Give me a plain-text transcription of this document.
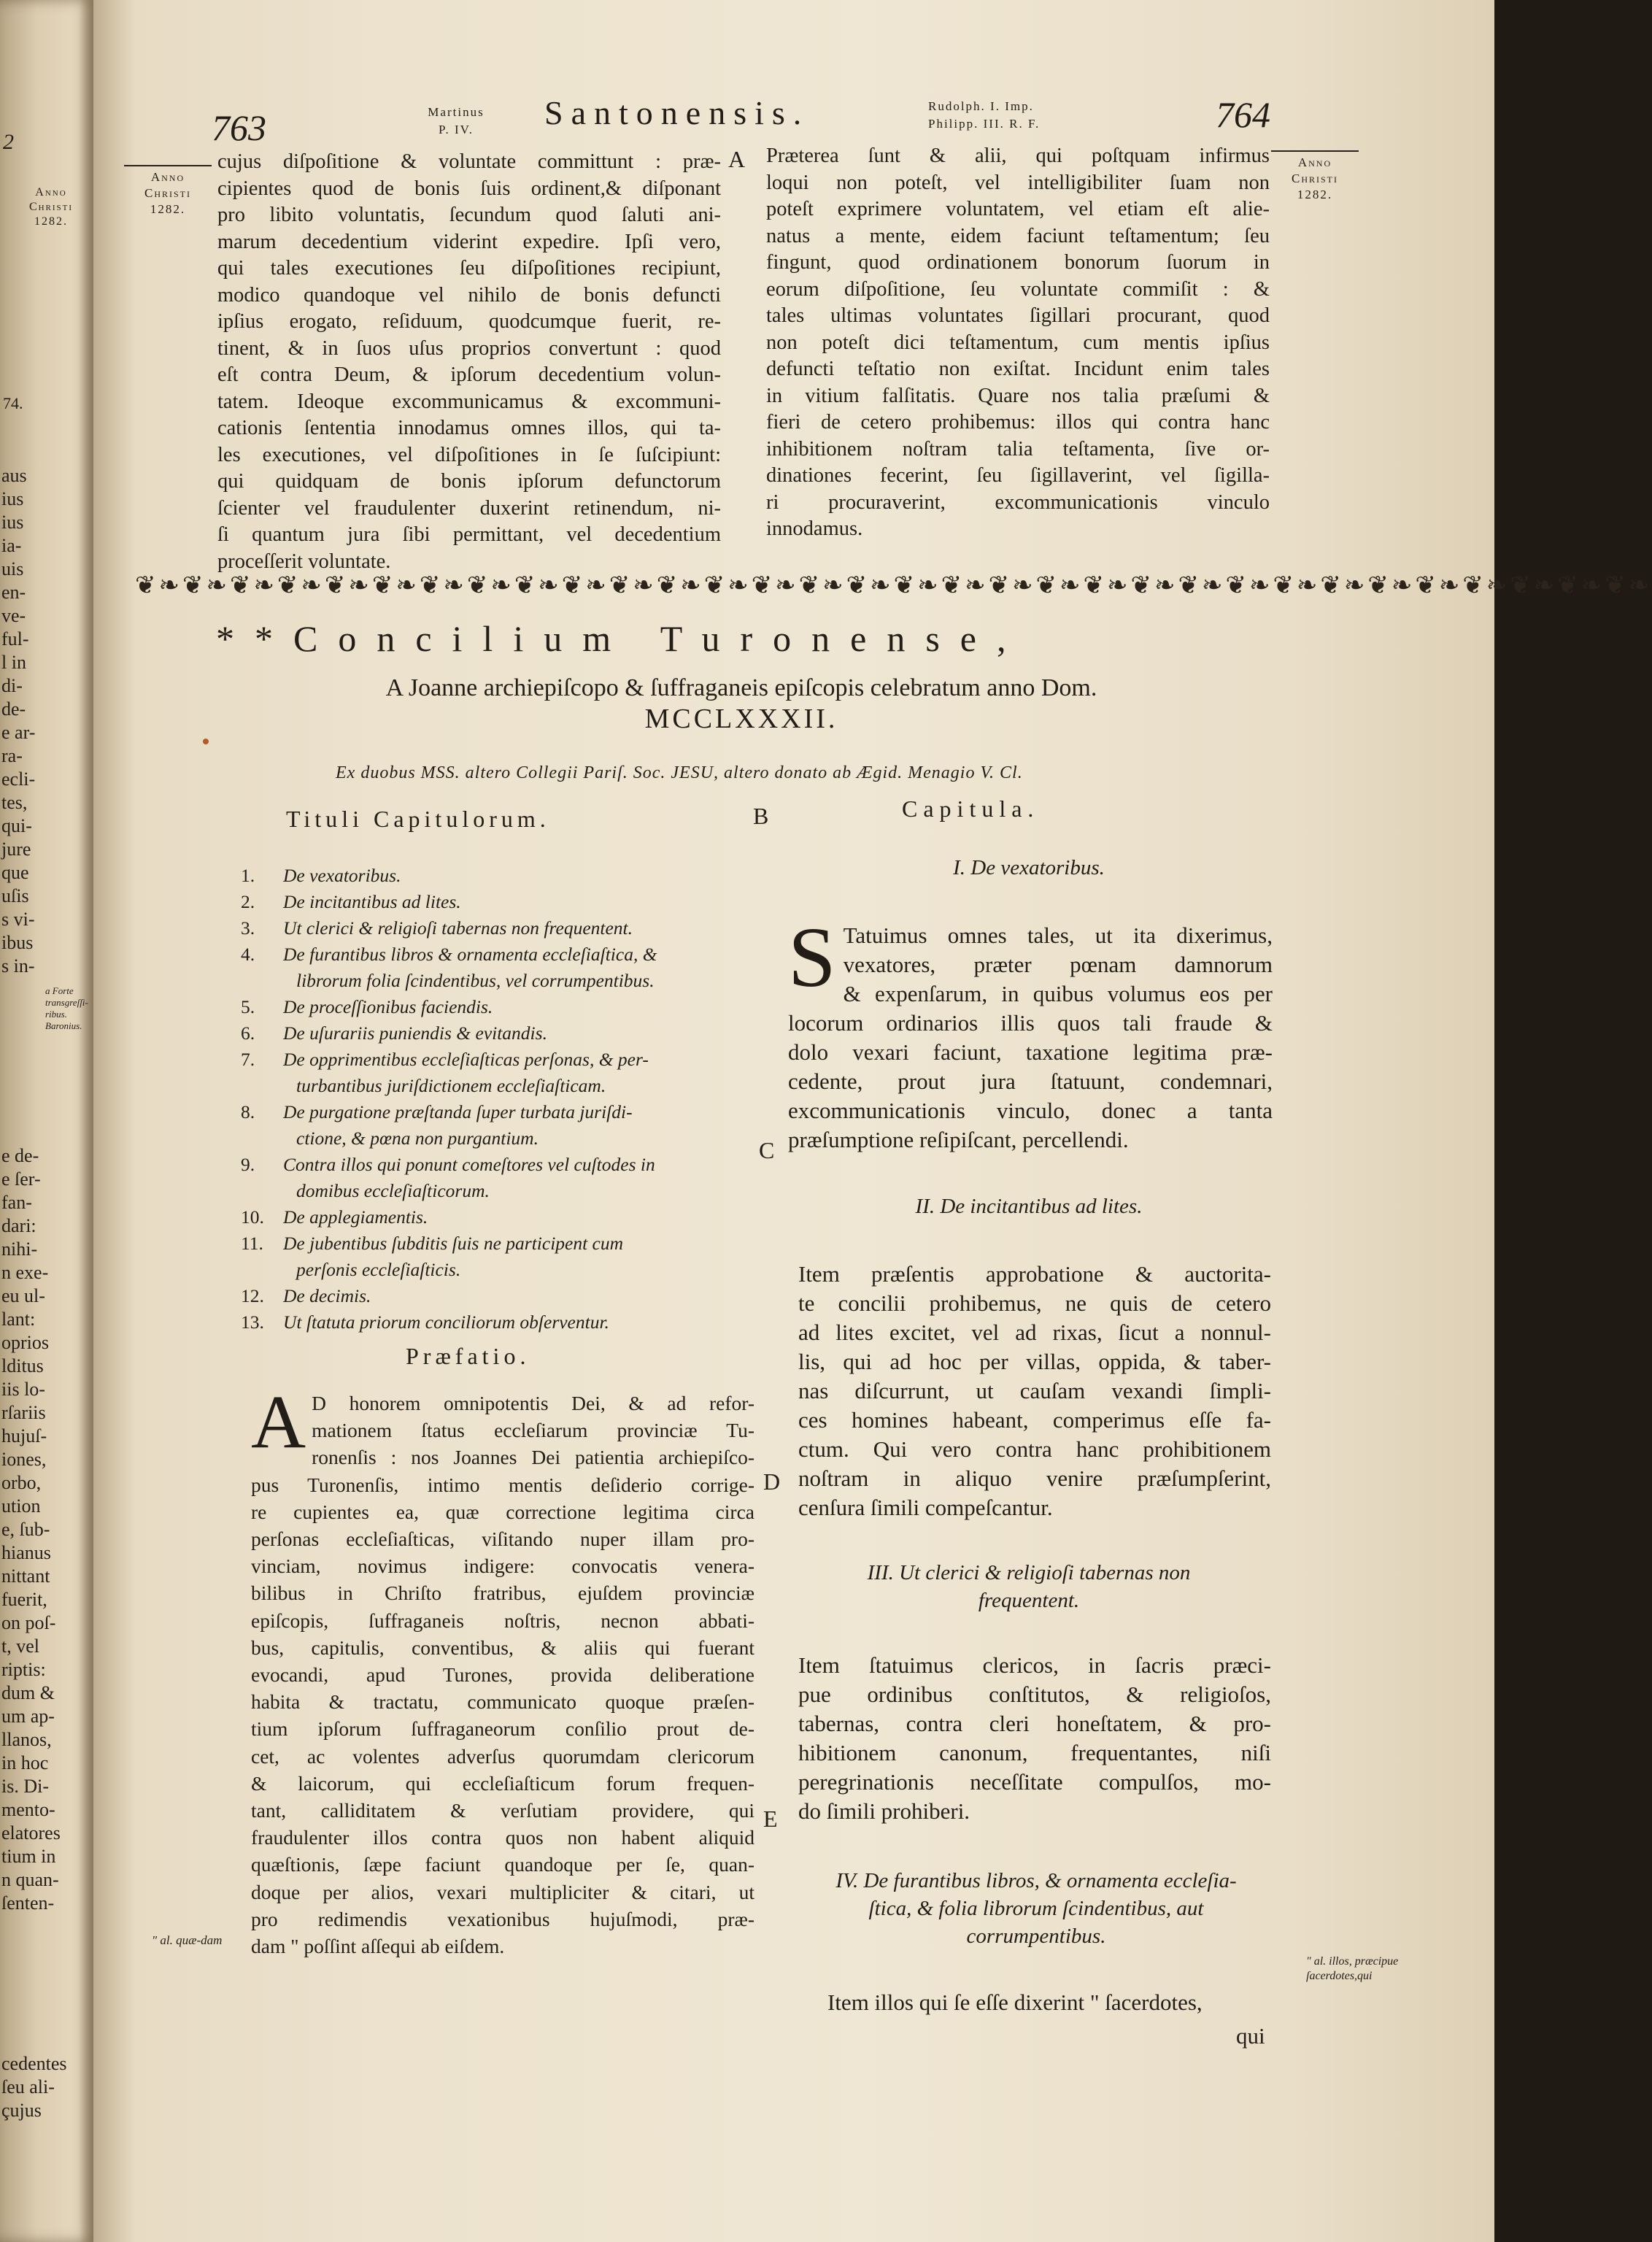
2
Anno
Christi
1282.
74.
aus
ius
ius
ia-
uis
en-
ve-
ful-
l in
di-
de-
e ar-
ra-
ecli-
tes,
qui-
jure
que
uſis
s vi-
ibus
s in-
a Forte transgreſſi-ribus. Baronius.
e de-
e ſer-
fan-
dari:
nihi-
n exe-
eu ul-
lant:
oprios
lditus
iis lo-
rſariis
hujuſ-
iones,
orbo,
ution
e, ſub-
hianus
nittant
fuerit,
on poſ-
t, vel
riptis:
dum &
um ap-
llanos,
in hoc
is. Di-
mento-
elatores
tium in
n quan-
ſenten-
cedentes
ſeu ali-
çujus
763	Martinus
P. IV.	Santonensis.	Rudolph. I. Imp.
Philipp. III. R. F.	764
Anno
Christi
1282.
Anno
Christi
1282.
A

cujus diſpoſitione & voluntate committunt : præ-

cipientes quod de bonis ſuis ordinent,& diſponant

pro libito voluntatis, ſecundum quod ſaluti ani-

marum decedentium viderint expedire. Ipſi vero,

qui tales executiones ſeu diſpoſitiones recipiunt,

modico quandoque vel nihilo de bonis defuncti

ipſius erogato, reſiduum, quodcumque fuerit, re-

tinent, & in ſuos uſus proprios convertunt : quod

eſt contra Deum, & ipſorum decedentium volun-

tatem. Ideoque excommunicamus & excommuni-

cationis ſententia innodamus omnes illos, qui ta-

les executiones, vel diſpoſitiones in ſe ſuſcipiunt:

qui quidquam de bonis ipſorum defunctorum

ſcienter vel fraudulenter duxerint retinendum, ni-

ſi quantum jura ſibi permittant, vel decedentium

proceſſerit voluntate.

Præterea ſunt & alii, qui poſtquam infirmus

loqui non poteſt, vel intelligibiliter ſuam non

poteſt exprimere voluntatem, vel etiam eſt alie-

natus a mente, eidem faciunt teſtamentum; ſeu

fingunt, quod ordinationem bonorum ſuorum in

eorum diſpoſitione, ſeu voluntate commiſit : &

tales ultimas voluntates ſigillari procurant, quod

non poteſt dici teſtamentum, cum mentis ipſius

defuncti teſtatio non exiſtat. Incidunt enim tales

in vitium falſitatis. Quare nos talia præſumi &

fieri de cetero prohibemus: illos qui contra hanc

inhibitionem noſtram talia teſtamenta, ſive or-

dinationes fecerint, ſeu ſigillaverint, vel ſigilla-

ri procuraverint, excommunicationis vinculo

innodamus.

❦❧❦❧❦❧❦❧❦❧❦❧❦❧❦❧❦❧❦❧❦❧❦❧❦❧❦❧❦❧❦❧❦❧❦❧❦❧❦❧❦❧❦❧❦❧❦❧❦❧❦❧❦❧❦❧❦❧❦❧❦❧❦❧
**Concilium Turonense,
A Joanne archiepiſcopo & ſuffraganeis epiſcopis celebratum anno Dom.
MCCLXXXII.
Ex duobus MSS. altero Collegii Pariſ. Soc. JESU, altero donato ab Ægid. Menagio V. Cl.
Tituli Capitulorum.	B	Capitula.
1.	De vexatoribus.
2.	De incitantibus ad lites.
3.	Ut clerici & religioſi tabernas non frequentent.
4.	De furantibus libros & ornamenta eccleſiaſtica, &
librorum folia ſcindentibus, vel corrumpentibus.
5.	De proceſſionibus faciendis.
6.	De uſurariis puniendis & evitandis.
7.	De opprimentibus eccleſiaſticas perſonas, & per-
turbantibus juriſdictionem eccleſiaſticam.
8.	De purgatione præſtanda ſuper turbata juriſdi-
ctione, & pœna non purgantium.
9.	Contra illos qui ponunt comeſtores vel cuſtodes in
domibus eccleſiaſticorum.
10.	De applegiamentis.
11.	De jubentibus ſubditis ſuis ne participent cum
perſonis eccleſiaſticis.
12.	De decimis.
13.	Ut ſtatuta priorum conciliorum obſerventur.
C
Præfatio.
A D honorem omnipotentis Dei, & ad refor-

mationem ſtatus eccleſiarum provinciæ Tu-

ronenſis : nos Joannes Dei patientia archiepiſco-

pus Turonenſis, intimo mentis deſiderio corrige-

re cupientes ea, quæ correctione legitima circa

perſonas eccleſiaſticas, viſitando nuper illam pro-

vinciam, novimus indigere: convocatis venera-

bilibus in Chriſto fratribus, ejuſdem provinciæ

epiſcopis, ſuffraganeis noſtris, necnon abbati-

bus, capitulis, conventibus, & aliis qui fuerant

evocandi, apud Turones, provida deliberatione

habita & tractatu, communicato quoque præſen-

tium ipſorum ſuffraganeorum conſilio prout de-

cet, ac volentes adverſus quorumdam clericorum

& laicorum, qui eccleſiaſticum forum frequen-

tant, calliditatem & verſutiam providere, qui

fraudulenter illos contra quos non habent aliquid

quæſtionis, ſæpe faciunt quandoque per ſe, quan-

doque per alios, vexari multipliciter & citari, ut

pro redimendis vexationibus hujuſmodi, præ-

dam " poſſint aſſequi ab eiſdem.

D
E
" al. quæ-dam
I. De vexatoribus.
S Tatuimus omnes tales, ut ita dixerimus,

vexatores, præter pœnam damnorum

& expenſarum, in quibus volumus eos per

locorum ordinarios illis quos tali fraude &

dolo vexari faciunt, taxatione legitima præ-

cedente, prout jura ſtatuunt, condemnari,

excommunicationis vinculo, donec a tanta

præſumptione reſipiſcant, percellendi.

II. De incitantibus ad lites.

Item præſentis approbatione & auctorita-

te concilii prohibemus, ne quis de cetero

ad lites excitet, vel ad rixas, ſicut a nonnul-

lis, qui ad hoc per villas, oppida, & taber-

nas diſcurrunt, ut cauſam vexandi ſimpli-

ces homines habeant, comperimus eſſe fa-

ctum. Qui vero contra hanc prohibitionem

noſtram in aliquo venire præſumpſerint,

cenſura ſimili compeſcantur.

III. Ut clerici & religioſi tabernas non
frequentent.

Item ſtatuimus clericos, in ſacris præci-

pue ordinibus conſtitutos, & religioſos,

tabernas, contra cleri honeſtatem, & pro-

hibitionem canonum, frequentantes, niſi

peregrinationis neceſſitate compulſos, mo-

do ſimili prohiberi.

IV. De furantibus libros, & ornamenta eccleſia-
ſtica, & folia librorum ſcindentibus, aut
corrumpentibus.

Item illos qui ſe eſſe dixerint " ſacerdotes,

qui
" al. illos, præcipue ſacerdotes,qui
